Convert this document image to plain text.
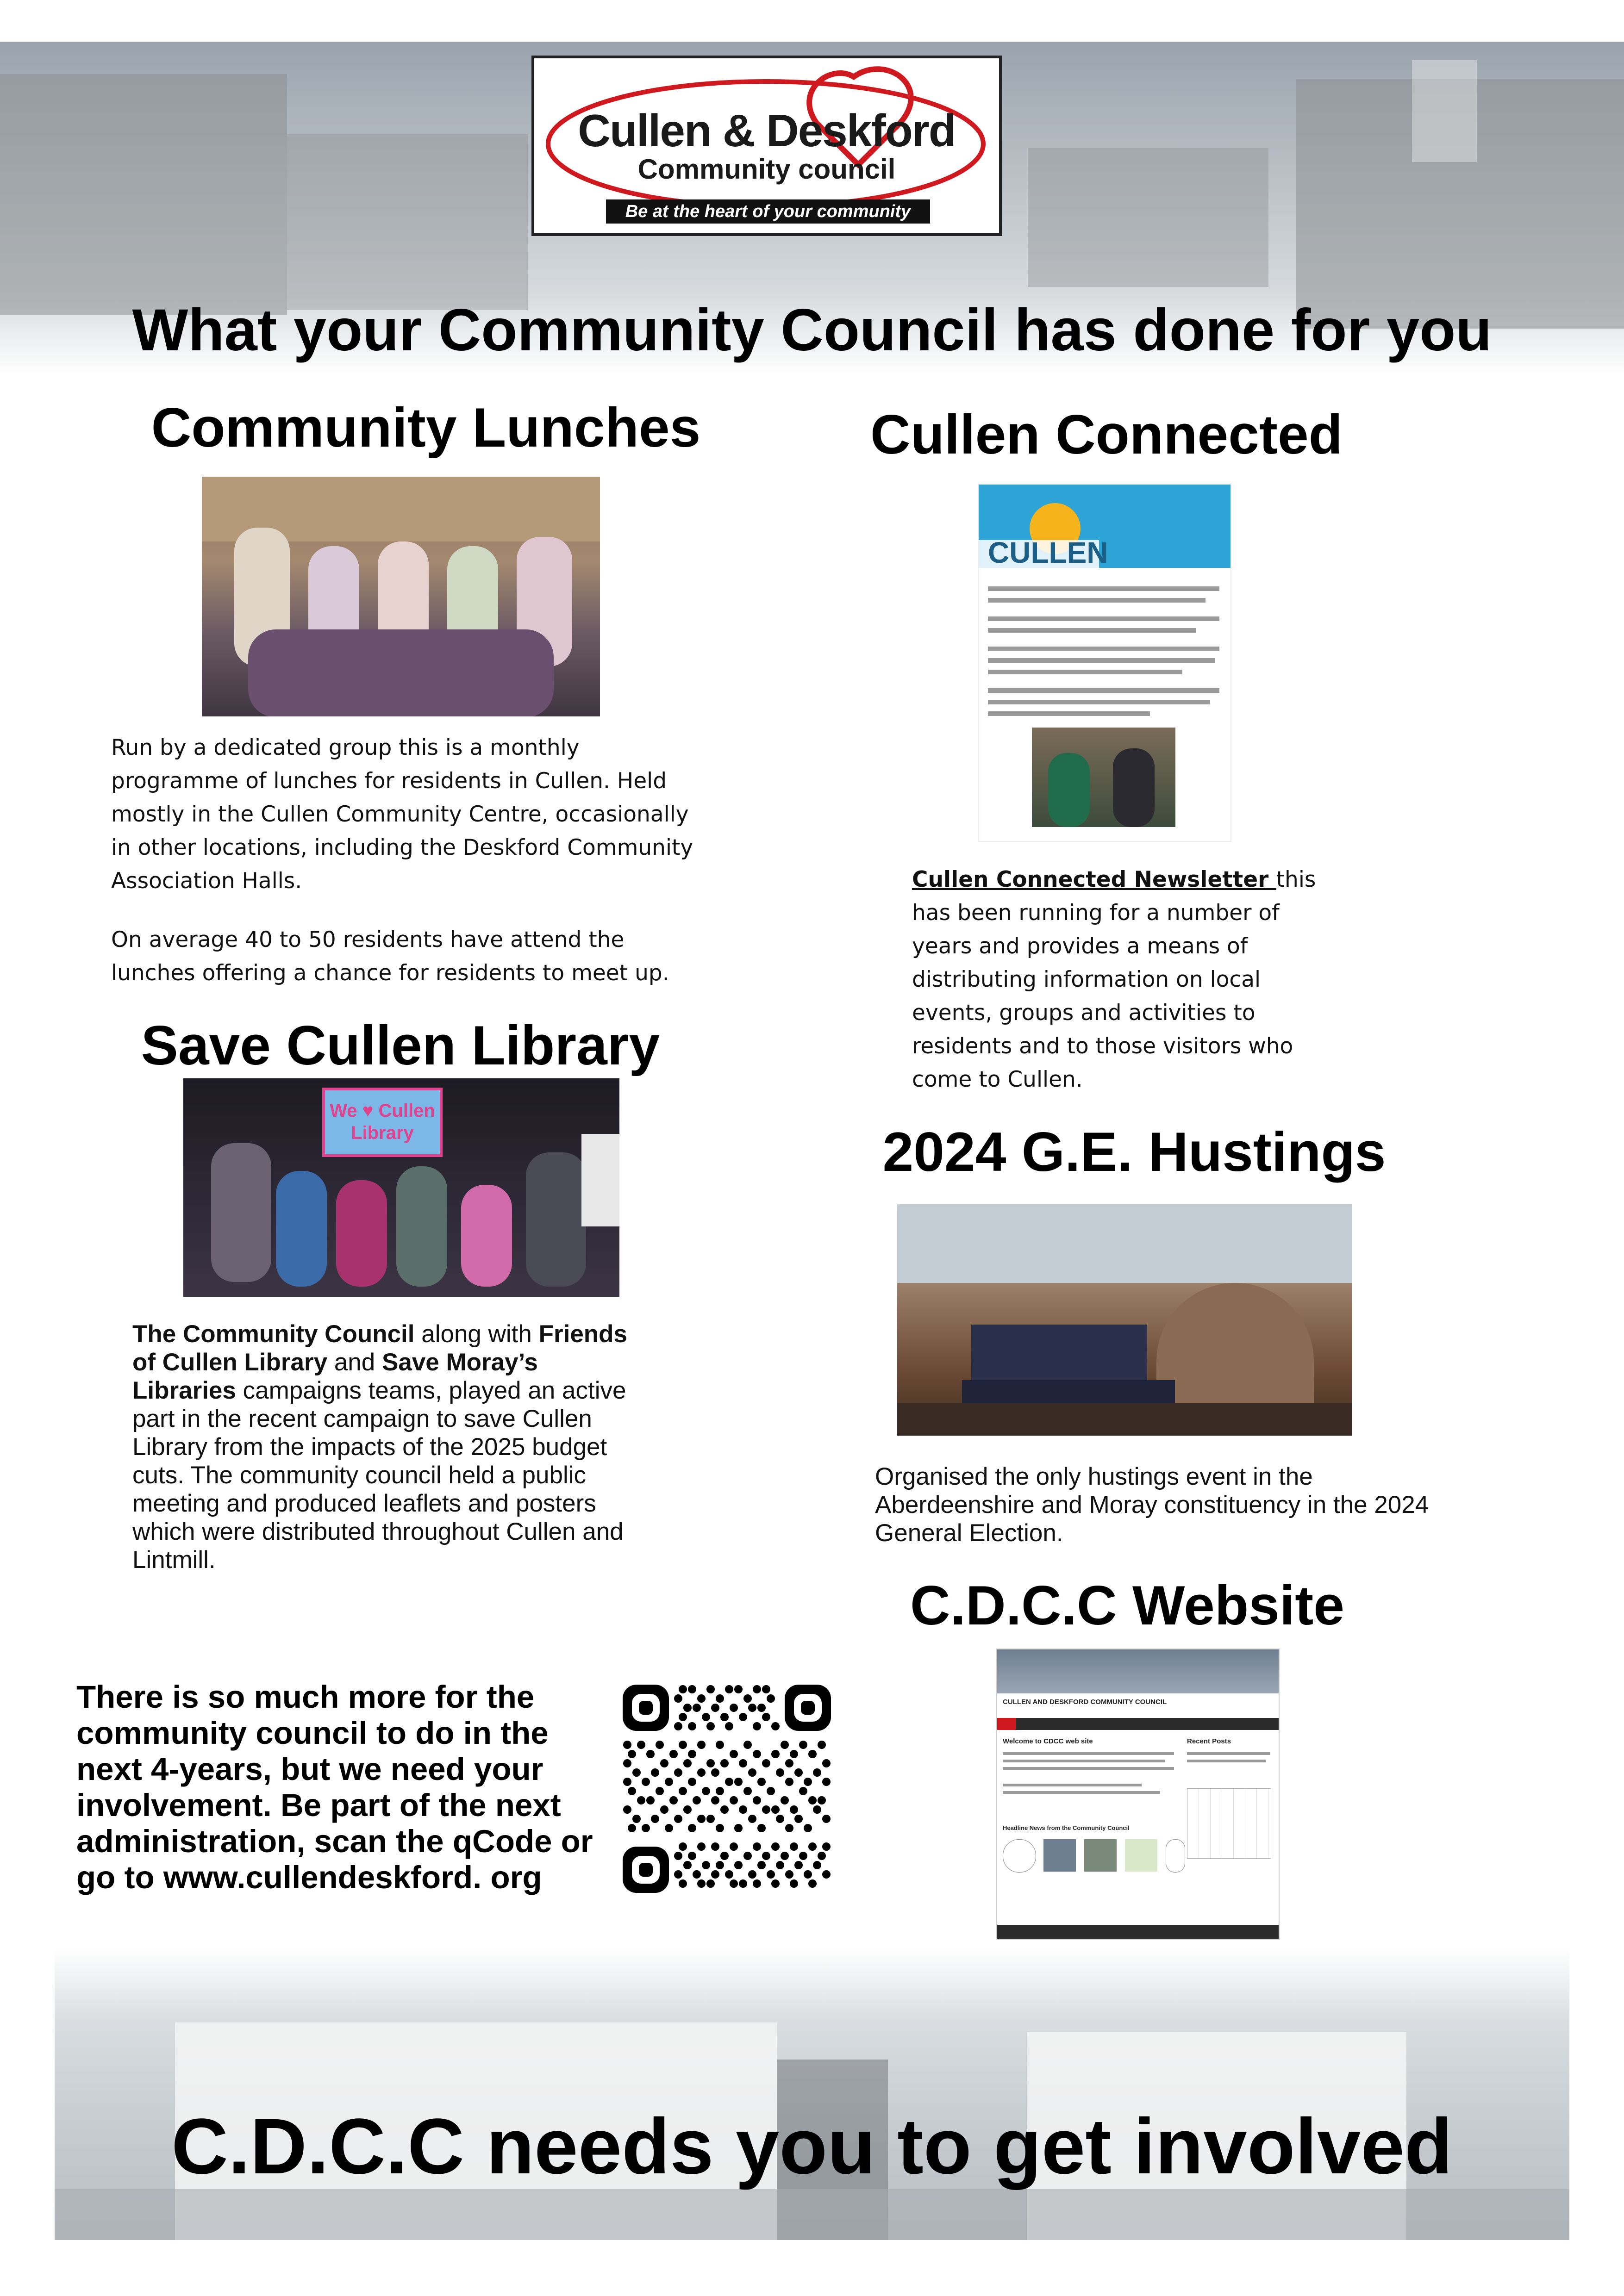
Cullen & Deskford
Community council
Be at the heart of your community
What your Community Council has done for you
Community Lunches
Run by a dedicated group this is a monthly programme of lunches for residents in Cullen. Held mostly in the Cullen Community Centre, occasionally in other locations, including the Deskford Community Association Halls.
On average 40 to 50 residents have attend the lunches offering a chance for residents to meet up.
Cullen Connected
CULLEN
Cullen Connected Newsletter this has been running for a number of years and provides a means of distributing information on local events, groups and activities to residents and to those visitors who come to Cullen.
Save Cullen Library
We ♥ Cullen Library
The Community Council along with Friends of Cullen Library and Save Moray’s Libraries campaigns teams, played an active part in the recent campaign to save Cullen Library from the impacts of the 2025 budget cuts. The community council held a public meeting and produced leaflets and posters which were distributed throughout Cullen and Lintmill.
2024 G.E. Hustings
Organised the only hustings event in the Aberdeenshire and Moray constituency in the 2024 General Election.
C.D.C.C Website
CULLEN AND DESKFORD COMMUNITY COUNCIL
Welcome to CDCC web site	Recent Posts
Headline News from the Community Council
There is so much more for the community council to do in the next 4-years, but we need your involvement. Be part of the next administration, scan the qCode or go to www.cullendeskford. org
C.D.C.C needs you to get involved
